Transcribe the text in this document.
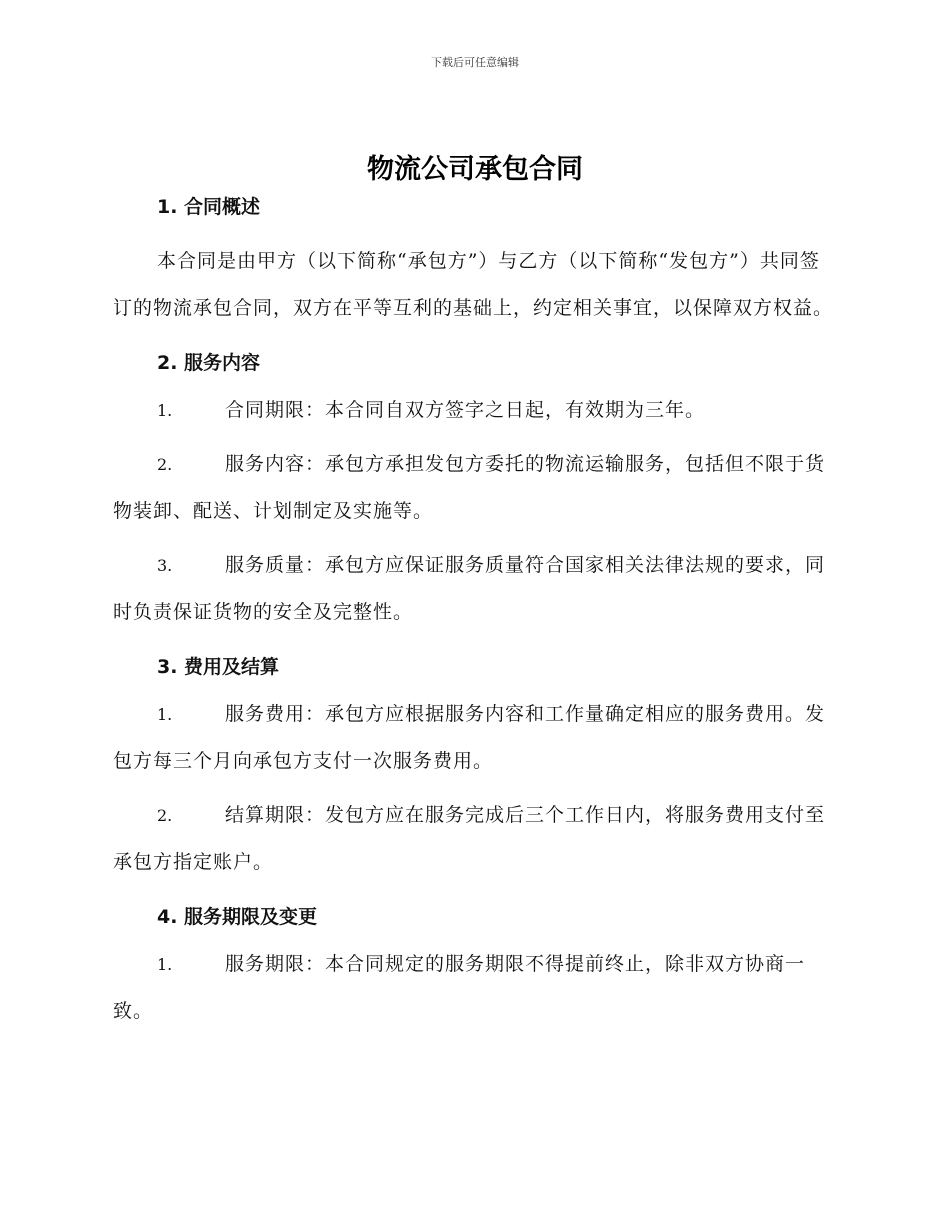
下载后可任意编辑
物流公司承包合同
1. 合同概述

本合同是由甲方（以下简称“承包方”）与乙方（以下简称“发包方”）共同签订的物流承包合同，双方在平等互利的基础上，约定相关事宜，以保障双方权益。

2. 服务内容

1.	合同期限：本合同自双方签字之日起，有效期为三年。

2.	服务内容：承包方承担发包方委托的物流运输服务，包括但不限于货物装卸、配送、计划制定及实施等。

3.	服务质量：承包方应保证服务质量符合国家相关法律法规的要求，同时负责保证货物的安全及完整性。

3. 费用及结算

1.	服务费用：承包方应根据服务内容和工作量确定相应的服务费用。发包方每三个月向承包方支付一次服务费用。

2.	结算期限：发包方应在服务完成后三个工作日内，将服务费用支付至承包方指定账户。

4. 服务期限及变更

1.	服务期限：本合同规定的服务期限不得提前终止，除非双方协商一致。
